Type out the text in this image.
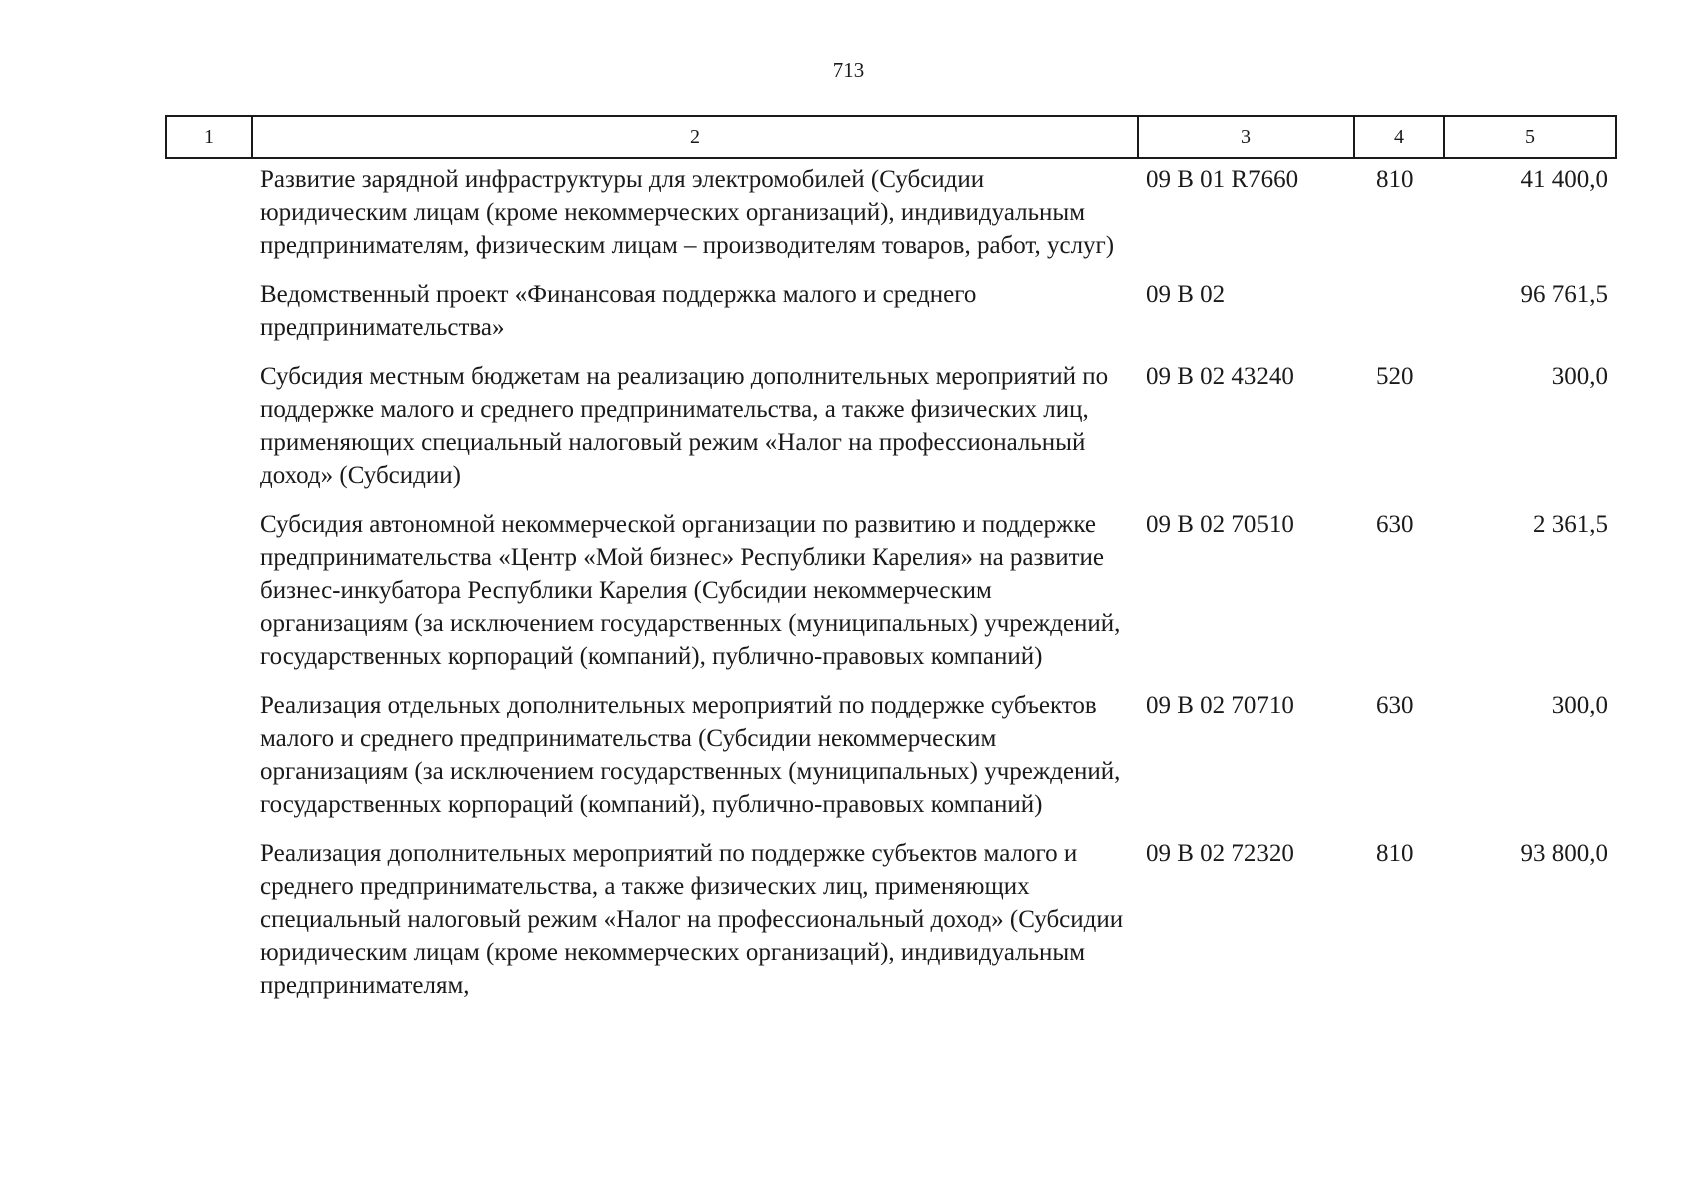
713
1	2	3	4	5
	Развитие зарядной инфраструктуры для электромобилей (Субсидии юридическим лицам (кроме некоммерческих организаций), индивидуальным предпринимателям, физическим лицам – производителям товаров, работ, услуг)	09 В 01 R7660	810	41 400,0
	Ведомственный проект «Финансовая поддержка малого и среднего предпринимательства»	09 В 02		96 761,5
	Субсидия местным бюджетам на реализацию дополнительных мероприятий по поддержке малого и среднего предпринимательства, а также физических лиц, применяющих специальный налоговый режим «Налог на профессиональный доход» (Субсидии)	09 В 02 43240	520	300,0
	Субсидия автономной некоммерческой организации по развитию и поддержке предпринимательства «Центр «Мой бизнес» Республики Карелия» на развитие бизнес-инкубатора Республики Карелия (Субсидии некоммерческим организациям (за исключением государственных (муниципальных) учреждений, государственных корпораций (компаний), публично-правовых компаний)	09 В 02 70510	630	2 361,5
	Реализация отдельных дополнительных мероприятий по поддержке субъектов малого и среднего предпринимательства (Субсидии некоммерческим организациям (за исключением государственных (муниципальных) учреждений, государственных корпораций (компаний), публично-правовых компаний)	09 В 02 70710	630	300,0
	Реализация дополнительных мероприятий по поддержке субъектов малого и среднего предпринимательства, а также физических лиц, применяющих специальный налоговый режим «Налог на профессиональный доход» (Субсидии юридическим лицам (кроме некоммерческих организаций), индивидуальным предпринимателям,	09 В 02 72320	810	93 800,0
